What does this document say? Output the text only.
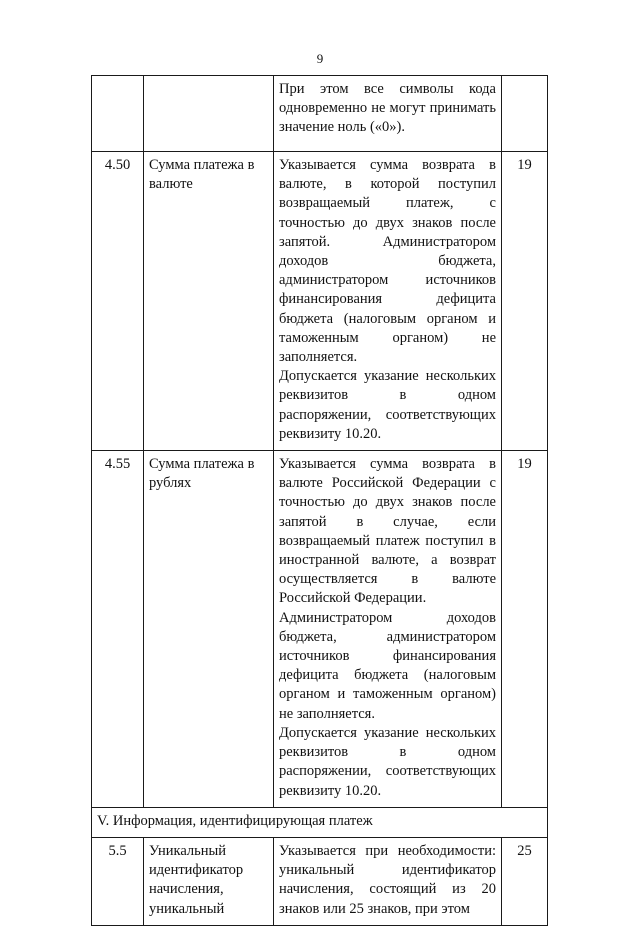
9

		При этом все символы кода одновременно не могут принимать значение ноль («0»).	

4.50	Сумма платежа в валюте	Указывается сумма возврата в валюте, в которой поступил возвращаемый платеж, с точностью до двух знаков после запятой. Администратором доходов бюджета, администратором источников финансирования дефицита бюджета (налоговым органом и таможенным органом) не заполняется.
Допускается указание нескольких реквизитов в одном распоряжении, соответствующих реквизиту 10.20.	19
4.55	Сумма платежа в рублях	Указывается сумма возврата в валюте Российской Федерации с точностью до двух знаков после запятой в случае, если возвращаемый платеж поступил в иностранной валюте, а возврат осуществляется в валюте Российской Федерации.
Администратором доходов бюджета, администратором источников финансирования дефицита бюджета (налоговым органом и таможенным органом) не заполняется.
Допускается указание нескольких реквизитов в одном распоряжении, соответствующих реквизиту 10.20.	19
V. Информация, идентифицирующая платеж			
5.5	Уникальный идентификатор начисления, уникальный	Указывается при необходимости: уникальный идентификатор начисления, состоящий из 20 знаков или 25 знаков, при этом	25
